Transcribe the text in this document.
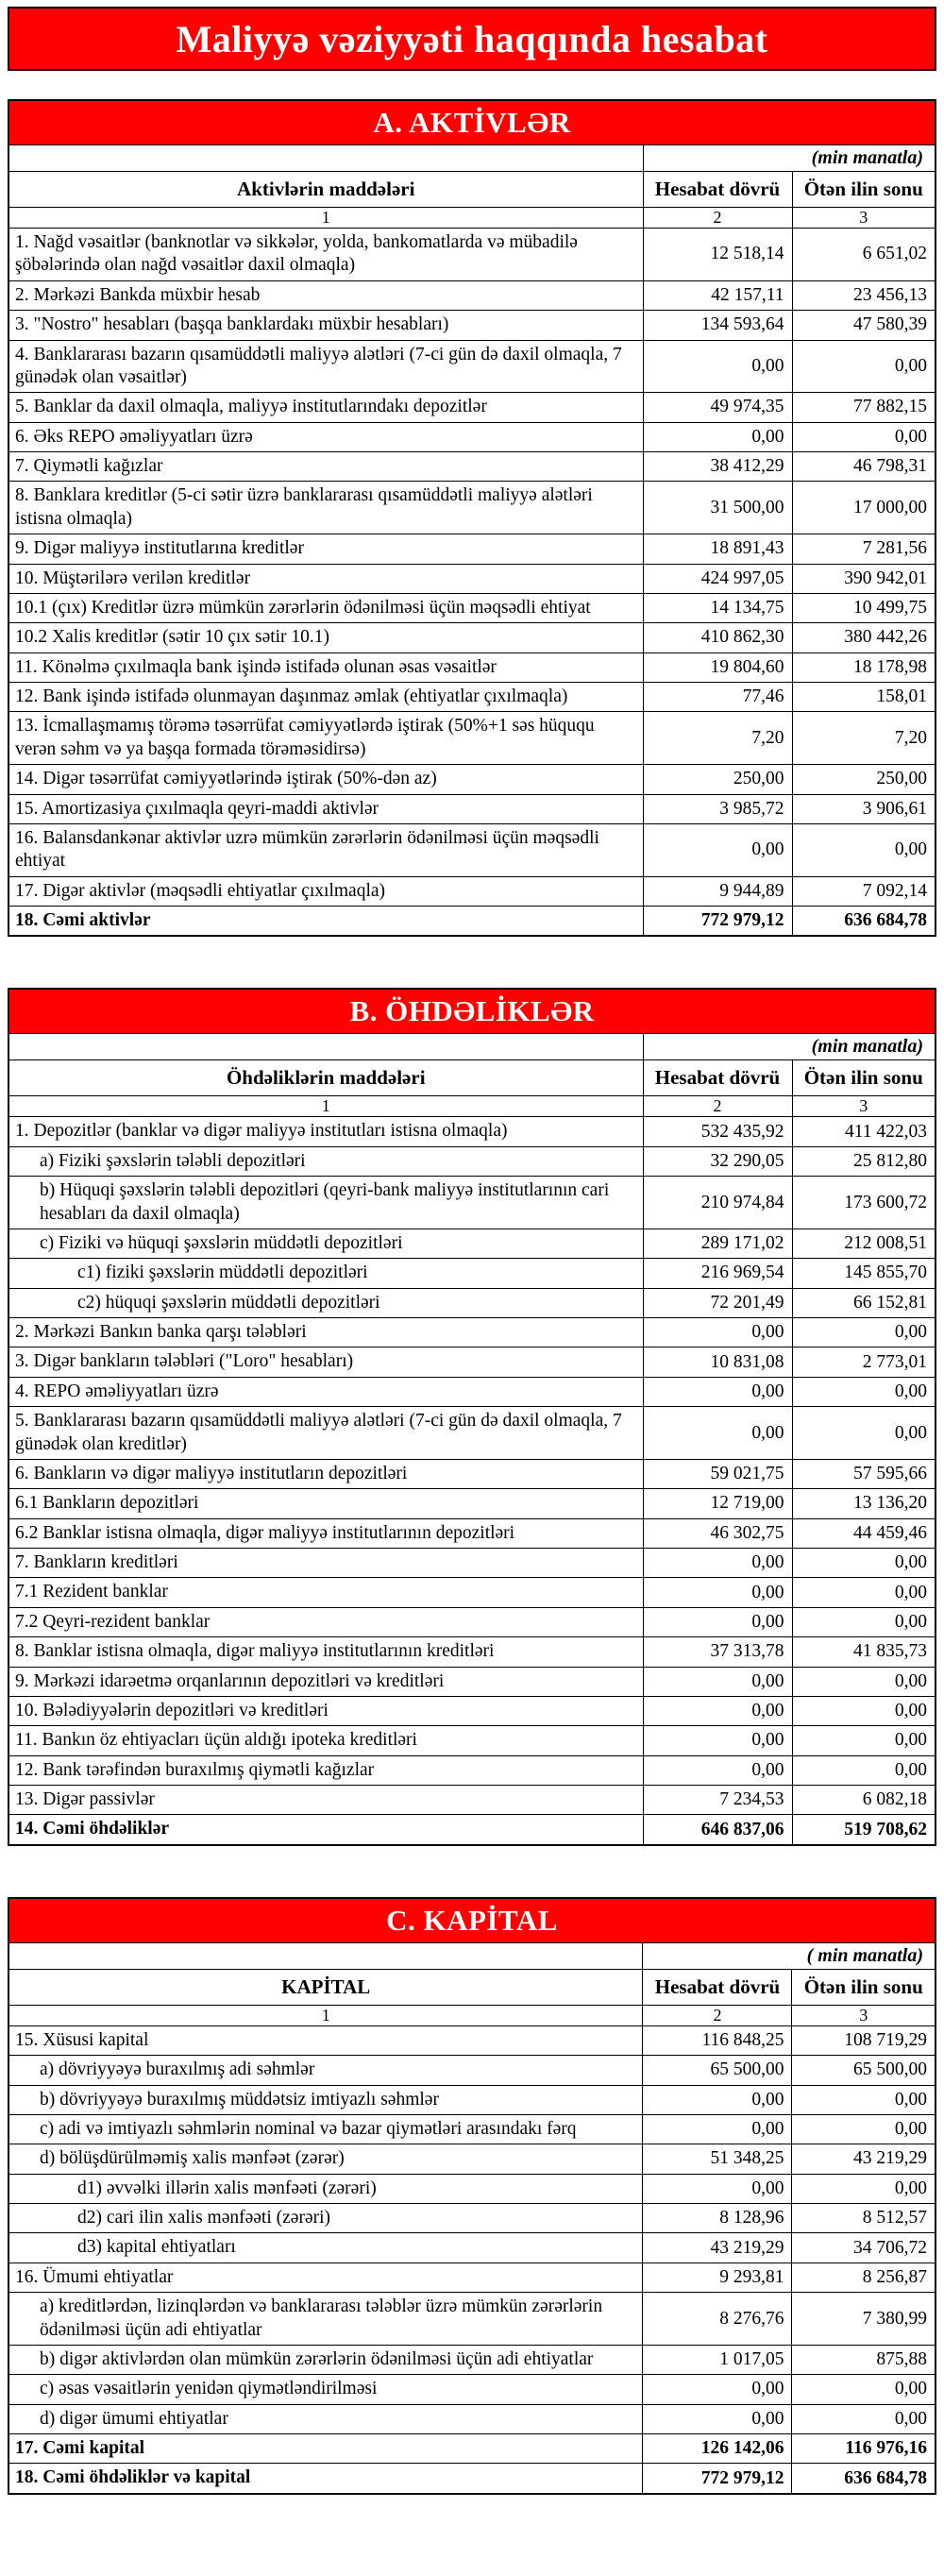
Maliyyə vəziyyəti haqqında hesabat
A. AKTİVLƏR		
	(min manatla)	
Aktivlərin maddələri	Hesabat dövrü	Ötən ilin sonu
1	2	3
1. Nağd vəsaitlər (banknotlar və sikkələr, yolda, bankomatlarda və mübadilə şöbələrində olan nağd vəsaitlər daxil olmaqla)	12 518,14	6 651,02
2. Mərkəzi Bankda müxbir hesab	42 157,11	23 456,13
3. "Nostro" hesabları (başqa banklardakı müxbir hesabları)	134 593,64	47 580,39
4. Banklararası bazarın qısamüddətli maliyyə alətləri (7-ci gün də daxil olmaqla, 7 günədək olan vəsaitlər)	0,00	0,00
5. Banklar da daxil olmaqla, maliyyə institutlarındakı depozitlər	49 974,35	77 882,15
6. Əks REPO əməliyyatları üzrə	0,00	0,00
7. Qiymətli kağızlar	38 412,29	46 798,31
8. Banklara kreditlər (5-ci sətir üzrə banklararası qısamüddətli maliyyə alətləri istisna olmaqla)	31 500,00	17 000,00
9. Digər maliyyə institutlarına kreditlər	18 891,43	7 281,56
10. Müştərilərə verilən kreditlər	424 997,05	390 942,01
10.1 (çıx) Kreditlər üzrə mümkün zərərlərin ödənilməsi üçün məqsədli ehtiyat	14 134,75	10 499,75
10.2 Xalis kreditlər (sətir 10 çıx sətir 10.1)	410 862,30	380 442,26
11. Könəlmə çıxılmaqla bank işində istifadə olunan əsas vəsaitlər	19 804,60	18 178,98
12. Bank işində istifadə olunmayan daşınmaz əmlak (ehtiyatlar çıxılmaqla)	77,46	158,01
13. İcmallaşmamış törəmə təsərrüfat cəmiyyətlərdə iştirak (50%+1 səs hüququ verən səhm və ya başqa formada törəməsidirsə)	7,20	7,20
14. Digər təsərrüfat cəmiyyətlərində iştirak (50%-dən az)	250,00	250,00
15. Amortizasiya çıxılmaqla qeyri-maddi aktivlər	3 985,72	3 906,61
16. Balansdankənar aktivlər uzrə mümkün zərərlərin ödənilməsi üçün məqsədli ehtiyat	0,00	0,00
17. Digər aktivlər (məqsədli ehtiyatlar çıxılmaqla)	9 944,89	7 092,14
18. Cəmi aktivlər	772 979,12	636 684,78
B. ÖHDƏLİKLƏR		
	(min manatla)	
Öhdəliklərin maddələri	Hesabat dövrü	Ötən ilin sonu
1	2	3
1. Depozitlər (banklar və digər maliyyə institutları istisna olmaqla)	532 435,92	411 422,03
a) Fiziki şəxslərin tələbli depozitləri	32 290,05	25 812,80
b) Hüquqi şəxslərin tələbli depozitləri (qeyri-bank maliyyə institutlarının cari hesabları da daxil olmaqla)	210 974,84	173 600,72
c) Fiziki və hüquqi şəxslərin müddətli depozitləri	289 171,02	212 008,51
c1) fiziki şəxslərin müddətli depozitləri	216 969,54	145 855,70
c2) hüquqi şəxslərin müddətli depozitləri	72 201,49	66 152,81
2. Mərkəzi Bankın banka qarşı tələbləri	0,00	0,00
3. Digər bankların tələbləri ("Loro" hesabları)	10 831,08	2 773,01
4. REPO əməliyyatları üzrə	0,00	0,00
5. Banklararası bazarın qısamüddətli maliyyə alətləri (7-ci gün də daxil olmaqla, 7 günədək olan kreditlər)	0,00	0,00
6. Bankların və digər maliyyə institutların depozitləri	59 021,75	57 595,66
6.1 Bankların depozitləri	12 719,00	13 136,20
6.2 Banklar istisna olmaqla, digər maliyyə institutlarının depozitləri	46 302,75	44 459,46
7. Bankların kreditləri	0,00	0,00
7.1 Rezident banklar	0,00	0,00
7.2 Qeyri-rezident banklar	0,00	0,00
8. Banklar istisna olmaqla, digər maliyyə institutlarının kreditləri	37 313,78	41 835,73
9. Mərkəzi idarəetmə orqanlarının depozitləri və kreditləri	0,00	0,00
10. Bələdiyyələrin depozitləri və kreditləri	0,00	0,00
11. Bankın öz ehtiyacları üçün aldığı ipoteka kreditləri	0,00	0,00
12. Bank tərəfindən buraxılmış qiymətli kağızlar	0,00	0,00
13. Digər passivlər	7 234,53	6 082,18
14. Cəmi öhdəliklər	646 837,06	519 708,62
C. KAPİTAL		
	( min manatla)	
KAPİTAL	Hesabat dövrü	Ötən ilin sonu
1	2	3
15. Xüsusi kapital	116 848,25	108 719,29
a) dövriyyəyə buraxılmış adi səhmlər	65 500,00	65 500,00
b) dövriyyəyə buraxılmış müddətsiz imtiyazlı səhmlər	0,00	0,00
c) adi və imtiyazlı səhmlərin nominal və bazar qiymətləri arasındakı fərq	0,00	0,00
d) bölüşdürülməmiş xalis mənfəət (zərər)	51 348,25	43 219,29
d1) əvvəlki illərin xalis mənfəəti (zərəri)	0,00	0,00
d2) cari ilin xalis mənfəəti (zərəri)	8 128,96	8 512,57
d3) kapital ehtiyatları	43 219,29	34 706,72
16. Ümumi ehtiyatlar	9 293,81	8 256,87
a) kreditlərdən, lizinqlərdən və banklararası tələblər üzrə mümkün zərərlərin ödənilməsi üçün adi ehtiyatlar	8 276,76	7 380,99
b) digər aktivlərdən olan mümkün zərərlərin ödənilməsi üçün adi ehtiyatlar	1 017,05	875,88
c) əsas vəsaitlərin yenidən qiymətləndirilməsi	0,00	0,00
d) digər ümumi ehtiyatlar	0,00	0,00
17. Cəmi kapital	126 142,06	116 976,16
18. Cəmi öhdəliklər və kapital	772 979,12	636 684,78
